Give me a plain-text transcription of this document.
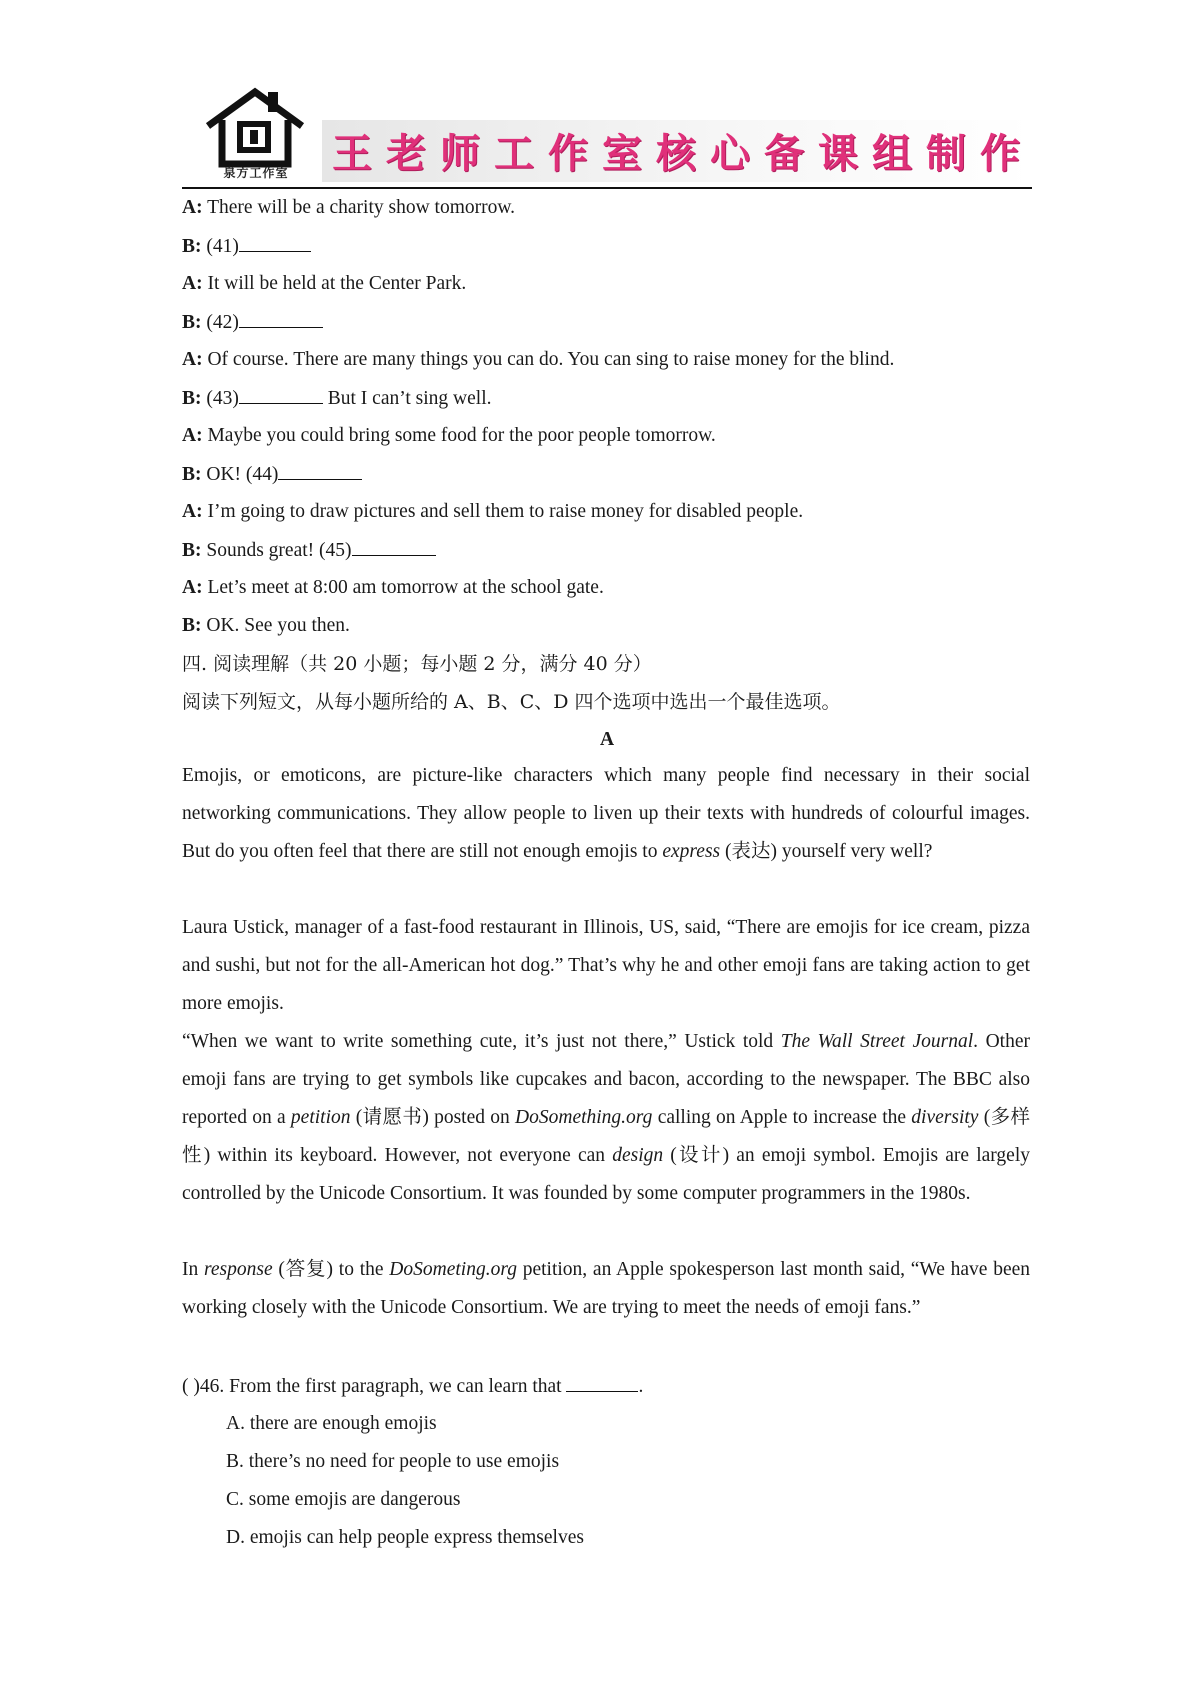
泉方工作室	王老师工作室核心备课组制作
A: There will be a charity show tomorrow.
B: (41)
A: It will be held at the Center Park.
B: (42)
A: Of course. There are many things you can do. You can sing to raise money for the blind.
B: (43)	But I can’t sing well.
A: Maybe you could bring some food for the poor people tomorrow.
B: OK! (44)
A: I’m going to draw pictures and sell them to raise money for disabled people.
B: Sounds great! (45)
A: Let’s meet at 8:00 am tomorrow at the school gate.
B: OK. See you then.
四. 阅读理解（共 20 小题；每小题 2 分，满分 40 分）
阅读下列短文，从每小题所给的 A、B、C、D 四个选项中选出一个最佳选项。
A
Emojis, or emoticons, are picture-like characters which many people find necessary in their social networking communications. They allow people to liven up their texts with hundreds of colourful images. But do you often feel that there are still not enough emojis to express (表达) yourself very well?
Laura Ustick, manager of a fast-food restaurant in Illinois, US, said, “There are emojis for ice cream, pizza and sushi, but not for the all-American hot dog.” That’s why he and other emoji fans are taking action to get more emojis.
“When we want to write something cute, it’s just not there,” Ustick told The Wall Street Journal. Other emoji fans are trying to get symbols like cupcakes and bacon, according to the newspaper. The BBC also reported on a petition (请愿书) posted on DoSomething.org calling on Apple to increase the diversity (多样性) within its keyboard. However, not everyone can design (设计) an emoji symbol. Emojis are largely controlled by the Unicode Consortium. It was founded by some computer programmers in the 1980s.
In response (答复) to the DoSometing.org petition, an Apple spokesperson last month said, “We have been working closely with the Unicode Consortium. We are trying to meet the needs of emoji fans.”
( )46. From the first paragraph, we can learn that	.
A. there are enough emojis
B. there’s no need for people to use emojis
C. some emojis are dangerous
D. emojis can help people express themselves
